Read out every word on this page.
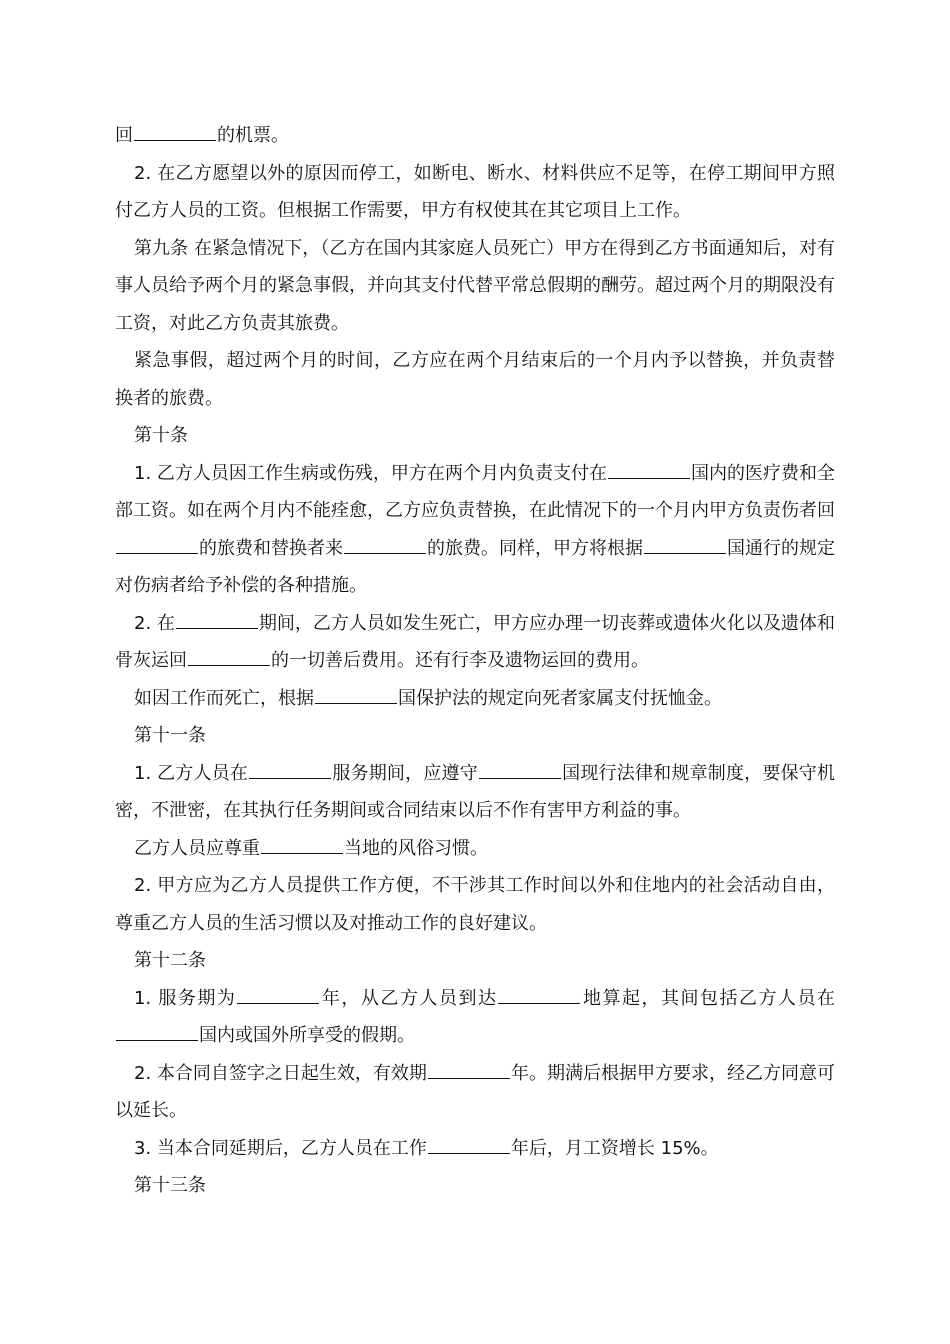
回	的机票。

2. 在乙方愿望以外的原因而停工，如断电、断水、材料供应不足等，在停工期间甲方照付乙方人员的工资。但根据工作需要，甲方有权使其在其它项目上工作。

第九条 在紧急情况下，（乙方在国内其家庭人员死亡）甲方在得到乙方书面通知后，对有事人员给予两个月的紧急事假，并向其支付代替平常总假期的酬劳。超过两个月的期限没有工资，对此乙方负责其旅费。

紧急事假，超过两个月的时间，乙方应在两个月结束后的一个月内予以替换，并负责替换者的旅费。

第十条

1. 乙方人员因工作生病或伤残，甲方在两个月内负责支付在	国内的医疗费和全部工资。如在两个月内不能痊愈，乙方应负责替换，在此情况下的一个月内甲方负责伤者回的旅费和替换者来	的旅费。同样，甲方将根据	国通行的规定对伤病者给予补偿的各种措施。

2. 在	期间，乙方人员如发生死亡，甲方应办理一切丧葬或遗体火化以及遗体和骨灰运回	的一切善后费用。还有行李及遗物运回的费用。

如因工作而死亡，根据	国保护法的规定向死者家属支付抚恤金。

第十一条

1. 乙方人员在	服务期间，应遵守	国现行法律和规章制度，要保守机密，不泄密，在其执行任务期间或合同结束以后不作有害甲方利益的事。

乙方人员应尊重	当地的风俗习惯。

2. 甲方应为乙方人员提供工作方便，不干涉其工作时间以外和住地内的社会活动自由，尊重乙方人员的生活习惯以及对推动工作的良好建议。

第十二条

1. 服务期为	年，从乙方人员到达	地算起，其间包括乙方人员在国内或国外所享受的假期。

2. 本合同自签字之日起生效，有效期	年。期满后根据甲方要求，经乙方同意可以延长。

3. 当本合同延期后，乙方人员在工作	年后，月工资增长 15%。

第十三条
